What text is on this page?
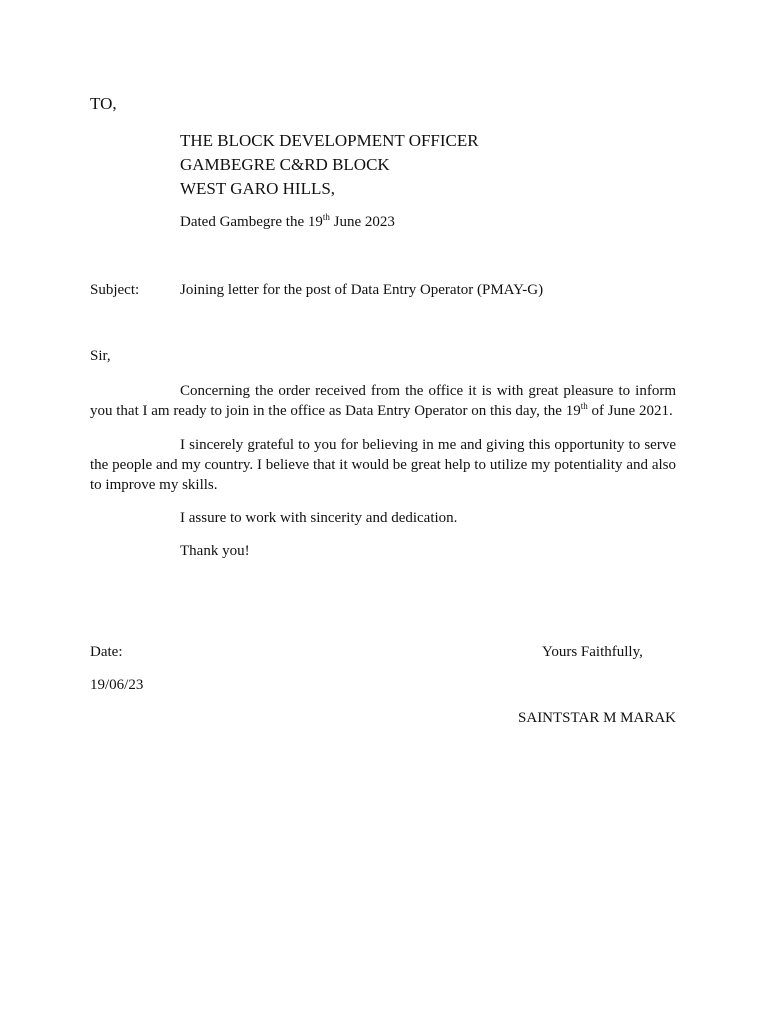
TO,
THE BLOCK DEVELOPMENT OFFICER
GAMBEGRE C&RD BLOCK
WEST GARO HILLS,
Dated Gambegre the 19th June 2023
Subject:	Joining letter for the post of Data Entry Operator (PMAY-G)
Sir,

Concerning the order received from the office it is with great pleasure to inform you that I am ready to join in the office as Data Entry Operator on this day, the 19th of June 2021.

I sincerely grateful to you for believing in me and giving this opportunity to serve the people and my country. I believe that it would be great help to utilize my potentiality and also to improve my skills.

I assure to work with sincerity and dedication.
Thank you!
Date:	Yours Faithfully,
19/06/23
SAINTSTAR M MARAK
